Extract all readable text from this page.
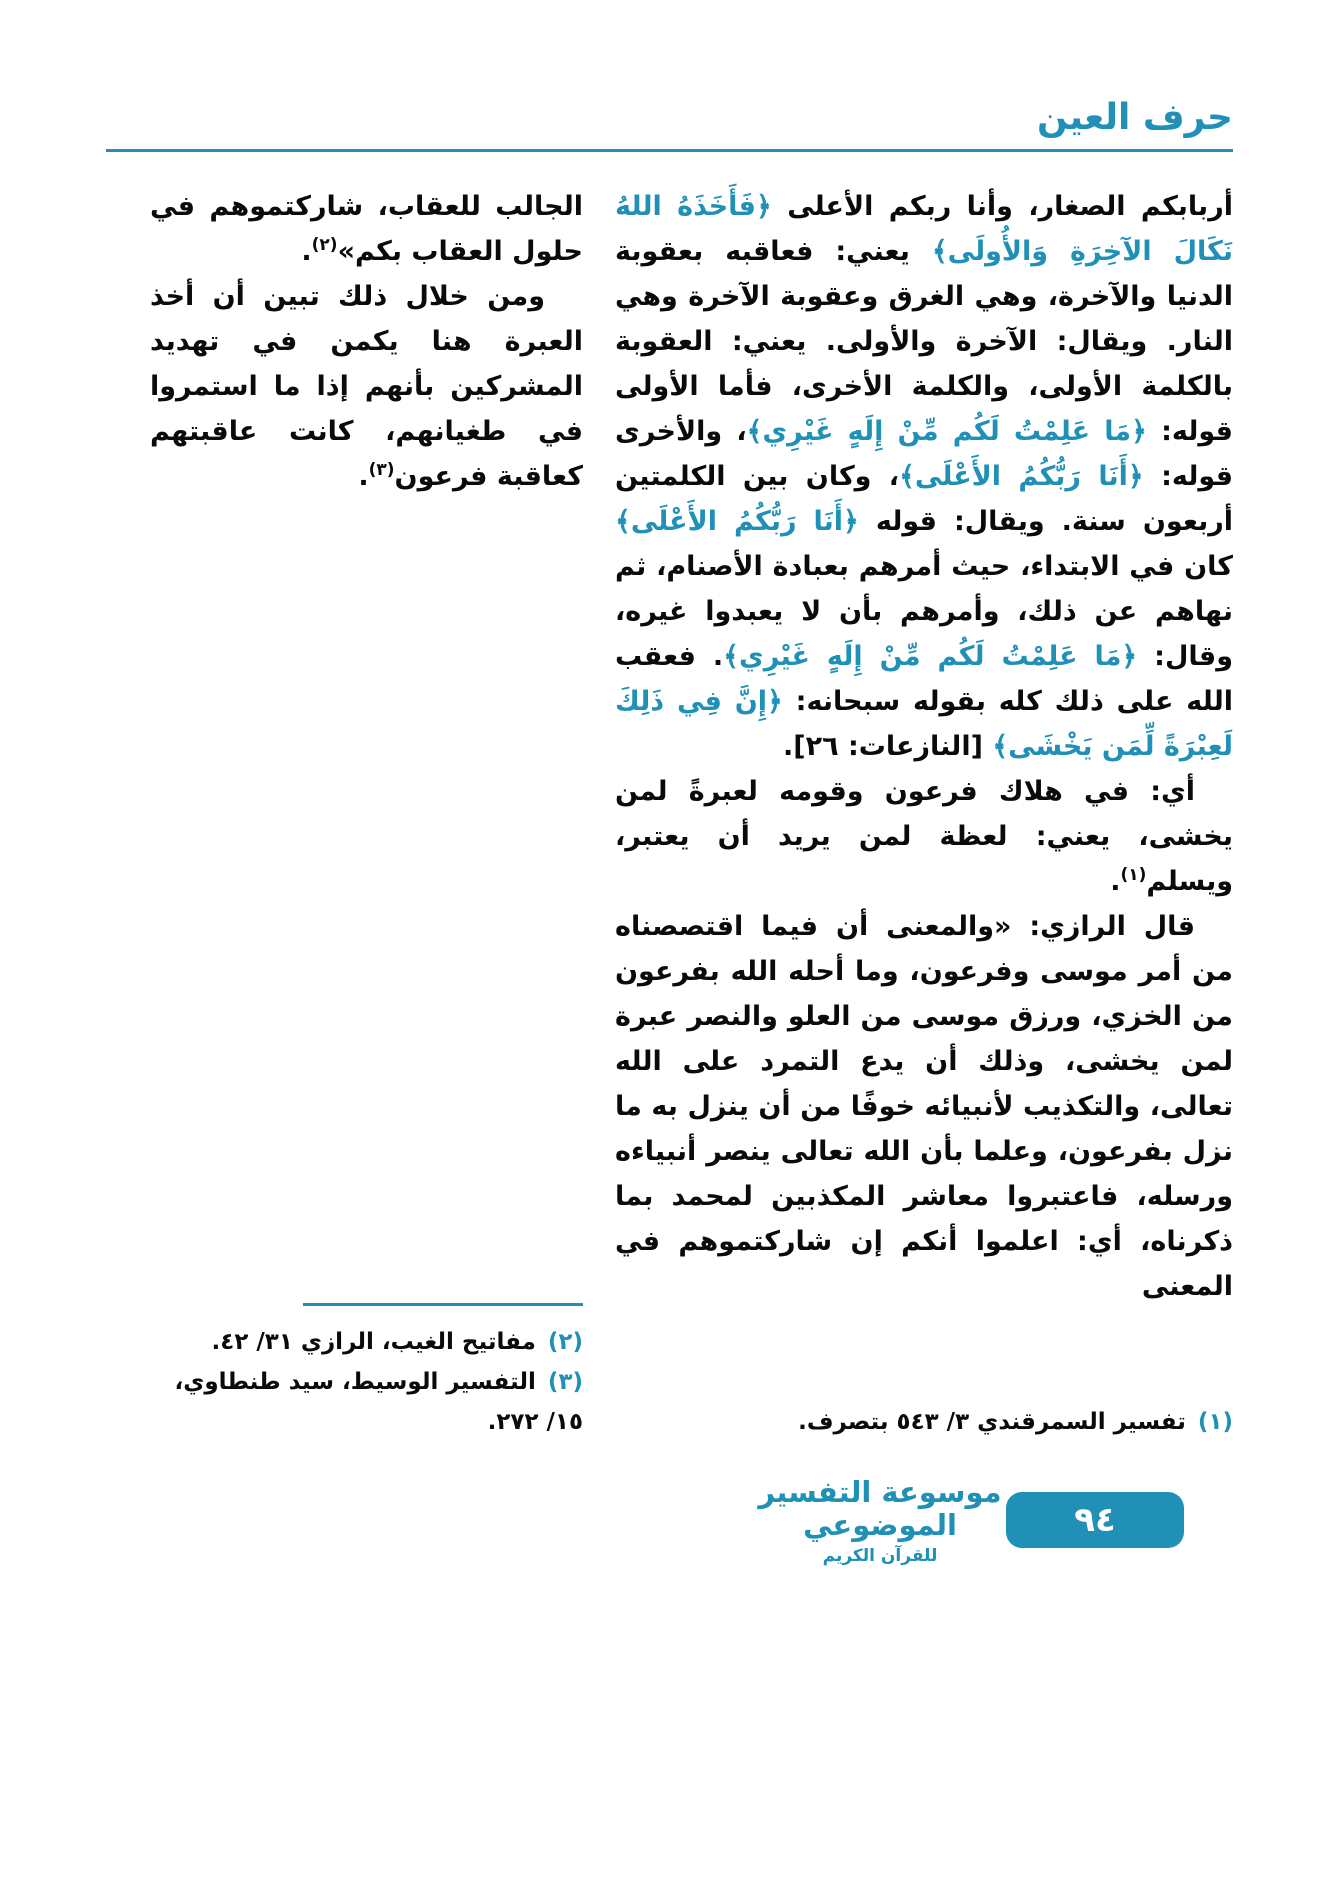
حرف العين

أربابكم الصغار، وأنا ربكم الأعلى ﴿فَأَخَذَهُ اللهُ نَكَالَ الآخِرَةِ وَالأُولَى﴾ يعني: فعاقبه بعقوبة الدنيا والآخرة، وهي الغرق وعقوبة الآخرة وهي النار. ويقال: الآخرة والأولى. يعني: العقوبة بالكلمة الأولى، والكلمة الأخرى، فأما الأولى قوله: ﴿مَا عَلِمْتُ لَكُم مِّنْ إِلَهٍ غَيْرِي﴾، والأخرى قوله: ﴿أَنَا رَبُّكُمُ الأَعْلَى﴾، وكان بين الكلمتين أربعون سنة. ويقال: قوله ﴿أَنَا رَبُّكُمُ الأَعْلَى﴾ كان في الابتداء، حيث أمرهم بعبادة الأصنام، ثم نهاهم عن ذلك، وأمرهم بأن لا يعبدوا غيره، وقال: ﴿مَا عَلِمْتُ لَكُم مِّنْ إِلَهٍ غَيْرِي﴾. فعقب الله على ذلك كله بقوله سبحانه: ﴿إِنَّ فِي ذَلِكَ لَعِبْرَةً لِّمَن يَخْشَى﴾ [النازعات: ٢٦].

أي: في هلاك فرعون وقومه لعبرةً لمن يخشى، يعني: لعظة لمن يريد أن يعتبر، ويسلم$^{(١)}$.

قال الرازي: «والمعنى أن فيما اقتصصناه من أمر موسى وفرعون، وما أحله الله بفرعون من الخزي، ورزق موسى من العلو والنصر عبرة لمن يخشى، وذلك أن يدع التمرد على الله تعالى، والتكذيب لأنبيائه خوفًا من أن ينزل به ما نزل بفرعون، وعلما بأن الله تعالى ينصر أنبياءه ورسله، فاعتبروا معاشر المكذبين لمحمد بما ذكرناه، أي: اعلموا أنكم إن شاركتموهم في المعنى

(١)تفسير السمرقندي ٣/ ٥٤٣ بتصرف.

الجالب للعقاب، شاركتموهم في حلول العقاب بكم»$^{(٢)}$.

ومن خلال ذلك تبين أن أخذ العبرة هنا يكمن في تهديد المشركين بأنهم إذا ما استمروا في طغيانهم، كانت عاقبتهم كعاقبة فرعون$^{(٣)}$.

(٢)مفاتيح الغيب، الرازي ٣١/ ٤٢.
(٣)التفسير الوسيط، سيد طنطاوي، ١٥/ ٢٧٢.
موسوعة التفسير الموضوعي
للقرآن الكريم
٩٤
